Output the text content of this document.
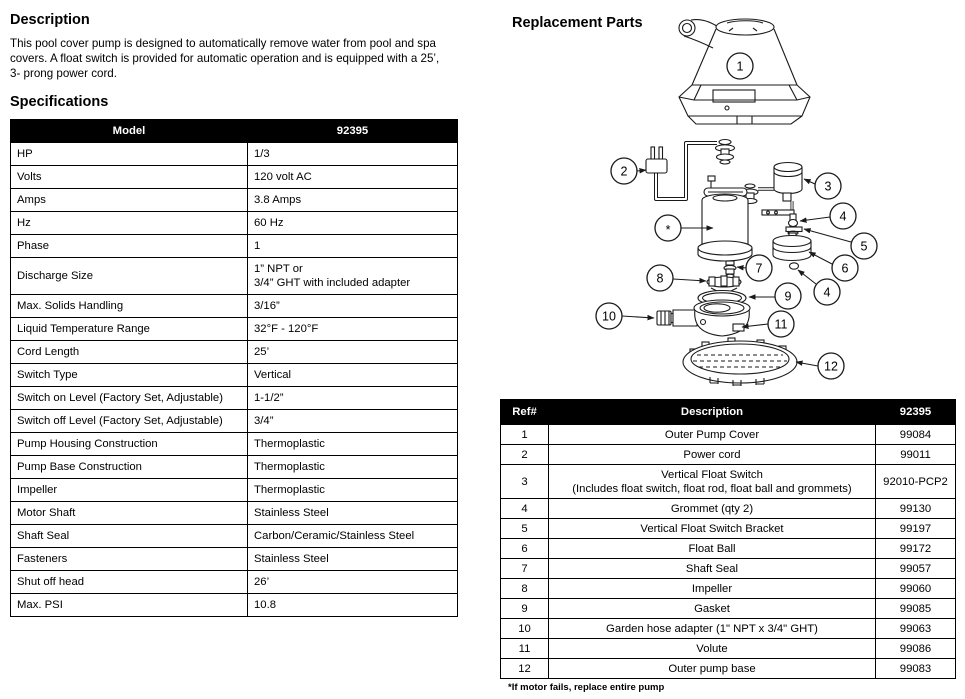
Description
This pool cover pump is designed to automatically remove water from pool and spa covers. A float switch is provided for automatic operation and is equipped with a 25’, 3- prong power cord.
Specifications
Model	92395
HP	1/3
Volts	120 volt AC
Amps	3.8 Amps
Hz	60 Hz
Phase	1
Discharge Size	1” NPT or
3/4” GHT with included adapter
Max. Solids Handling	3/16”
Liquid Temperature Range	32°F - 120°F
Cord Length	25’
Switch Type	Vertical
Switch on Level (Factory Set, Adjustable)	1-1/2”
Switch off Level (Factory Set, Adjustable)	3/4”
Pump Housing Construction	Thermoplastic
Pump Base Construction	Thermoplastic
Impeller	Thermoplastic
Motor Shaft	Stainless Steel
Shaft Seal	Carbon/Ceramic/Stainless Steel
Fasteners	Stainless Steel
Shut off head	26’
Max. PSI	10.8
Replacement Parts
1
2
3
4
5
6
4
7
8
9
10
11
12
*
Ref#	Description	92395
1	Outer Pump Cover	99084
2	Power cord	99011
3	Vertical Float Switch
(Includes float switch, float rod, float ball and grommets)	92010-PCP2
4	Grommet (qty 2)	99130
5	Vertical Float Switch Bracket	99197
6	Float Ball	99172
7	Shaft Seal	99057
8	Impeller	99060
9	Gasket	99085
10	Garden hose adapter (1" NPT x 3/4" GHT)	99063
11	Volute	99086
12	Outer pump base	99083
*If motor fails, replace entire pump
